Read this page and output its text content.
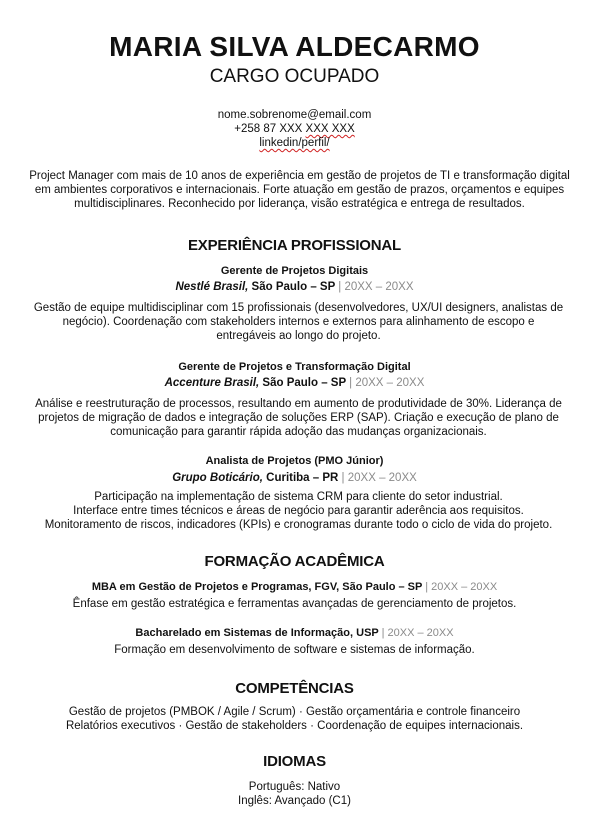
MARIA SILVA ALDECARMO
CARGO OCUPADO
nome.sobrenome@email.com
+258 87 XXX XXX XXX
linkedin/perfil/
Project Manager com mais de 10 anos de experiência em gestão de projetos de TI e transformação digital em ambientes corporativos e internacionais. Forte atuação em gestão de prazos, orçamentos e equipes multidisciplinares. Reconhecido por liderança, visão estratégica e entrega de resultados.
EXPERIÊNCIA PROFISSIONAL
Gerente de Projetos Digitais
Nestlé Brasil, São Paulo – SP | 20XX – 20XX
Gestão de equipe multidisciplinar com 15 profissionais (desenvolvedores, UX/UI designers, analistas de
negócio). Coordenação com stakeholders internos e externos para alinhamento de escopo e
entregáveis ao longo do projeto.
Gerente de Projetos e Transformação Digital
Accenture Brasil, São Paulo – SP | 20XX – 20XX
Análise e reestruturação de processos, resultando em aumento de produtividade de 30%. Liderança de
projetos de migração de dados e integração de soluções ERP (SAP). Criação e execução de plano de
comunicação para garantir rápida adoção das mudanças organizacionais.
Analista de Projetos (PMO Júnior)
Grupo Boticário, Curitiba – PR | 20XX – 20XX
Participação na implementação de sistema CRM para cliente do setor industrial.
Interface entre times técnicos e áreas de negócio para garantir aderência aos requisitos.
Monitoramento de riscos, indicadores (KPIs) e cronogramas durante todo o ciclo de vida do projeto.
FORMAÇÃO ACADÊMICA
MBA em Gestão de Projetos e Programas, FGV, São Paulo – SP | 20XX – 20XX
Ênfase em gestão estratégica e ferramentas avançadas de gerenciamento de projetos.
Bacharelado em Sistemas de Informação, USP | 20XX – 20XX
Formação em desenvolvimento de software e sistemas de informação.
COMPETÊNCIAS
Gestão de projetos (PMBOK / Agile / Scrum) · Gestão orçamentária e controle financeiro
Relatórios executivos · Gestão de stakeholders · Coordenação de equipes internacionais.
IDIOMAS
Português: Nativo
Inglês: Avançado (C1)
